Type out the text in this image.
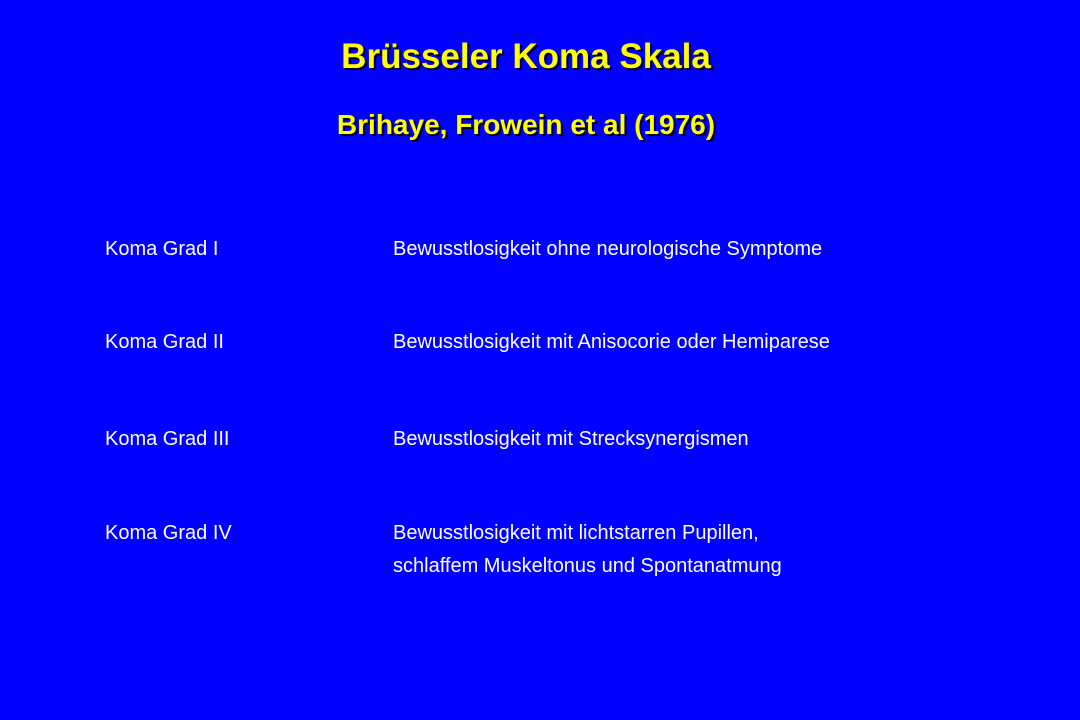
Brüsseler Koma Skala
Brihaye, Frowein et al (1976)
Koma Grad I	Bewusstlosigkeit ohne neurologische Symptome
Koma Grad II	Bewusstlosigkeit mit Anisocorie oder Hemiparese
Koma Grad III	Bewusstlosigkeit mit Strecksynergismen
Koma Grad IV	Bewusstlosigkeit mit lichtstarren Pupillen,
schlaffem Muskeltonus und Spontanatmung
